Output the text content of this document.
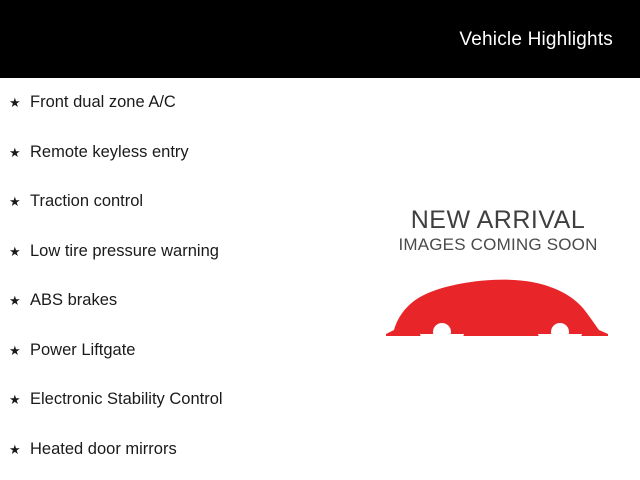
Vehicle Highlights
★ Front dual zone A/C
★ Remote keyless entry
★ Traction control
★ Low tire pressure warning
★ ABS brakes
★ Power Liftgate
★ Electronic Stability Control
★ Heated door mirrors
NEW ARRIVAL
IMAGES COMING SOON
